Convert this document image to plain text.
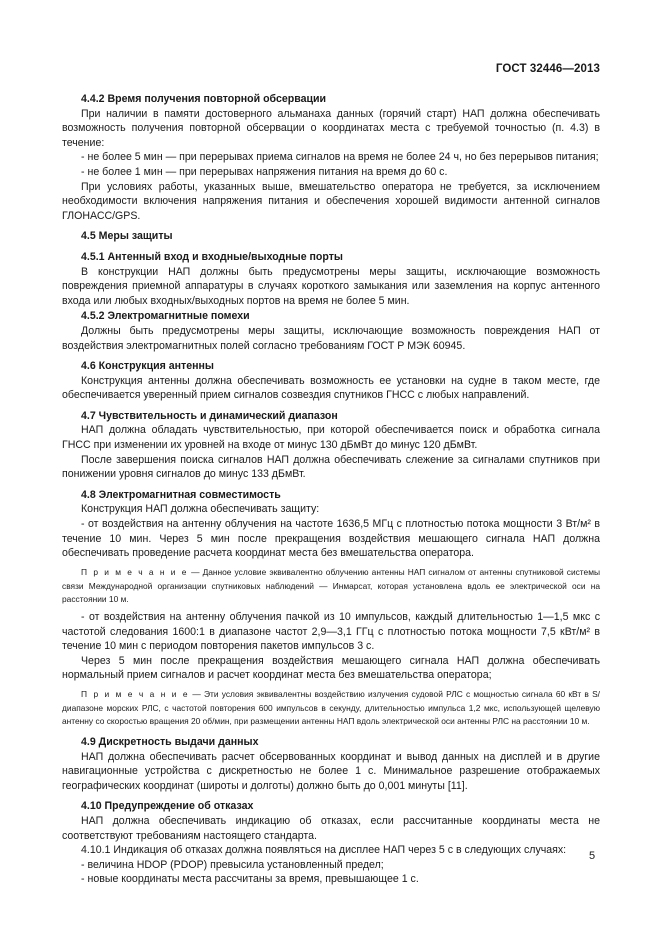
ГОСТ 32446—2013

4.4.2 Время получения повторной обсервации

При наличии в памяти достоверного альманаха данных (горячий старт) НАП должна обеспечивать возможность получения повторной обсервации о координатах места с требуемой точностью (п. 4.3) в течение:

- не более 5 мин — при перерывах приема сигналов на время не более 24 ч, но без перерывов питания;

- не более 1 мин — при перерывах напряжения питания на время до 60 с.

При условиях работы, указанных выше, вмешательство оператора не требуется, за исключением необходимости включения напряжения питания и обеспечения хорошей видимости антенной сигналов ГЛОНАСС/GPS.

4.5 Меры защиты

4.5.1 Антенный вход и входные/выходные порты

В конструкции НАП должны быть предусмотрены меры защиты, исключающие возможность повреждения приемной аппаратуры в случаях короткого замыкания или заземления на корпус антенного входа или любых входных/выходных портов на время не более 5 мин.

4.5.2 Электромагнитные помехи

Должны быть предусмотрены меры защиты, исключающие возможность повреждения НАП от воздействия электромагнитных полей согласно требованиям ГОСТ Р МЭК 60945.

4.6 Конструкция антенны

Конструкция антенны должна обеспечивать возможность ее установки на судне в таком месте, где обеспечивается уверенный прием сигналов созвездия спутников ГНСС с любых направлений.

4.7 Чувствительность и динамический диапазон

НАП должна обладать чувствительностью, при которой обеспечивается поиск и обработка сигнала ГНСС при изменении их уровней на входе от минус 130 дБмВт до минус 120 дБмВт.

После завершения поиска сигналов НАП должна обеспечивать слежение за сигналами спутников при понижении уровня сигналов до минус 133 дБмВт.

4.8 Электромагнитная совместимость

Конструкция НАП должна обеспечивать защиту:

- от воздействия на антенну облучения на частоте 1636,5 МГц с плотностью потока мощности 3 Вт/м² в течение 10 мин. Через 5 мин после прекращения воздействия мешающего сигнала НАП должна обеспечивать проведение расчета координат места без вмешательства оператора.

П р и м е ч а н и е — Данное условие эквивалентно облучению антенны НАП сигналом от антенны спутниковой системы связи Международной организации спутниковых наблюдений — Инмарсат, которая установлена вдоль ее электрической оси на расстоянии 10 м.

- от воздействия на антенну облучения пачкой из 10 импульсов, каждый длительностью 1—1,5 мкс с частотой следования 1600:1 в диапазоне частот 2,9—3,1 ГГц с плотностью потока мощности 7,5 кВт/м² в течение 10 мин с периодом повторения пакетов импульсов 3 с.

Через 5 мин после прекращения воздействия мешающего сигнала НАП должна обеспечивать нормальный прием сигналов и расчет координат места без вмешательства оператора;

П р и м е ч а н и е — Эти условия эквивалентны воздействию излучения судовой РЛС с мощностью сигнала 60 кВт в S/диапазоне морских РЛС, с частотой повторения 600 импульсов в секунду, длительностью импульса 1,2 мкс, использующей щелевую антенну со скоростью вращения 20 об/мин, при размещении антенны НАП вдоль электрической оси антенны РЛС на расстоянии 10 м.

4.9 Дискретность выдачи данных

НАП должна обеспечивать расчет обсервованных координат и вывод данных на дисплей и в другие навигационные устройства с дискретностью не более 1 с. Минимальное разрешение отображаемых географических координат (широты и долготы) должно быть до 0,001 минуты [11].

4.10 Предупреждение об отказах

НАП должна обеспечивать индикацию об отказах, если рассчитанные координаты места не соответствуют требованиям настоящего стандарта.

4.10.1 Индикация об отказах должна появляться на дисплее НАП через 5 с в следующих случаях:

- величина HDOP (PDOP) превысила установленный предел;

- новые координаты места рассчитаны за время, превышающее 1 с.

5
